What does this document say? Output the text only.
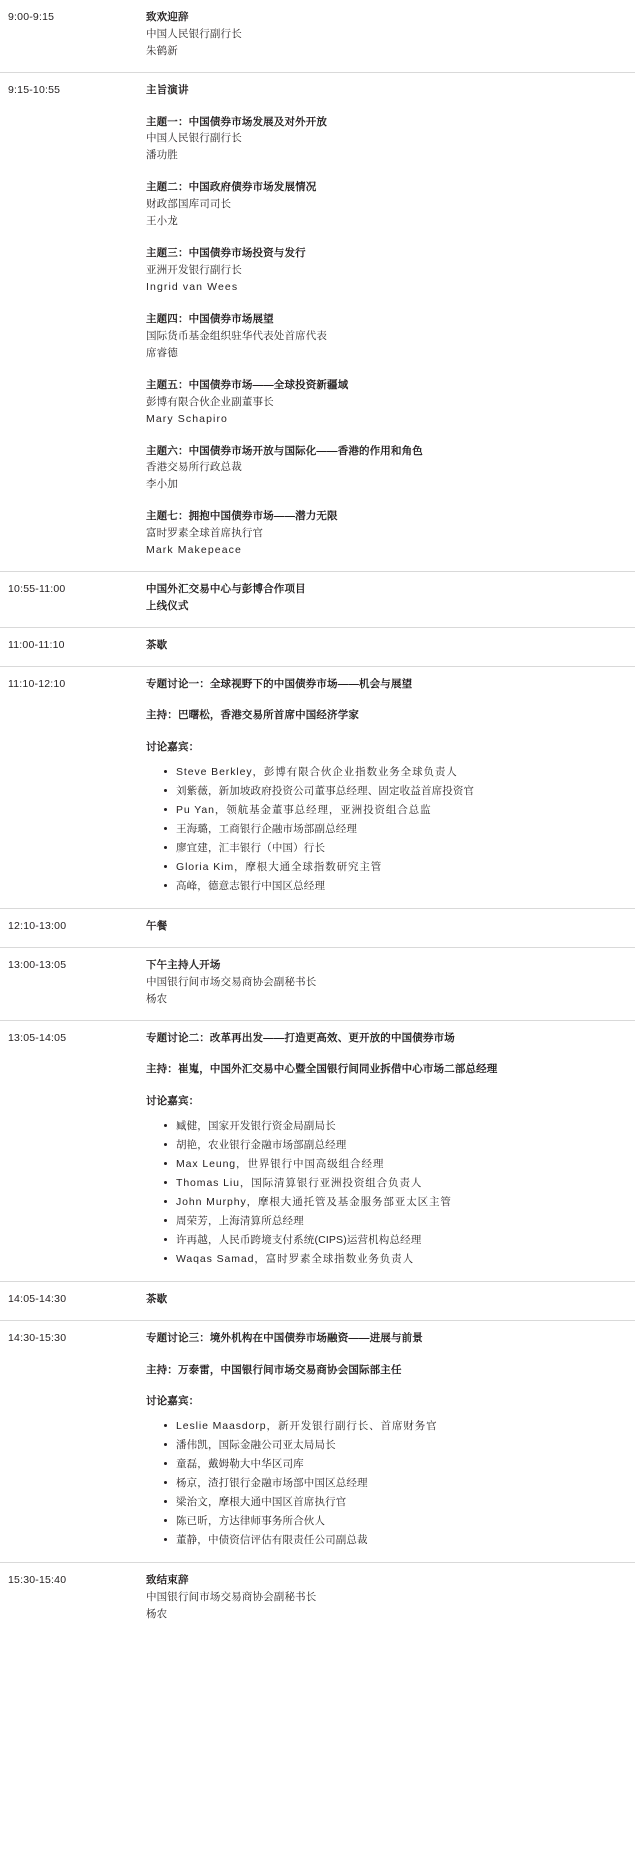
9:00-9:15	致欢迎辞
中国人民银行副行长
朱鹤新
9:15-10:55	主旨演讲
主题一：中国债券市场发展及对外开放
中国人民银行副行长
潘功胜
主题二：中国政府债券市场发展情况
财政部国库司司长
王小龙
主题三：中国债券市场投资与发行
亚洲开发银行副行长
Ingrid van Wees
主题四：中国债券市场展望
国际货币基金组织驻华代表处首席代表
席睿德
主题五：中国债券市场——全球投资新疆域
彭博有限合伙企业副董事长
Mary Schapiro
主题六：中国债券市场开放与国际化——香港的作用和角色
香港交易所行政总裁
李小加
主题七：拥抱中国债券市场——潜力无限
富时罗素全球首席执行官
Mark Makepeace
10:55-11:00	中国外汇交易中心与彭博合作项目
上线仪式
11:00-11:10	茶歇
11:10-12:10	专题讨论一：全球视野下的中国债券市场——机会与展望
主持：巴曙松，香港交易所首席中国经济学家
讨论嘉宾：
Steve Berkley，彭博有限合伙企业指数业务全球负责人
刘紫薇，新加坡政府投资公司董事总经理、固定收益首席投资官
Pu Yan，领航基金董事总经理，亚洲投资组合总监
王海璐，工商银行企融市场部副总经理
廖宜建，汇丰银行（中国）行长
Gloria Kim，摩根大通全球指数研究主管
高峰，德意志银行中国区总经理
12:10-13:00	午餐
13:00-13:05	下午主持人开场
中国银行间市场交易商协会副秘书长
杨农
13:05-14:05	专题讨论二：改革再出发——打造更高效、更开放的中国债券市场
主持：崔嵬，中国外汇交易中心暨全国银行间同业拆借中心市场二部总经理
讨论嘉宾：
臧健，国家开发银行资金局副局长
胡艳，农业银行金融市场部副总经理
Max Leung，世界银行中国高级组合经理
Thomas Liu，国际清算银行亚洲投资组合负责人
John Murphy，摩根大通托管及基金服务部亚太区主管
周荣芳，上海清算所总经理
许再越，人民币跨境支付系统(CIPS)运营机构总经理
Waqas Samad，富时罗素全球指数业务负责人
14:05-14:30	茶歇
14:30-15:30	专题讨论三：境外机构在中国债券市场融资——进展与前景
主持：万泰雷，中国银行间市场交易商协会国际部主任
讨论嘉宾：
Leslie Maasdorp，新开发银行副行长、首席财务官
潘伟凯，国际金融公司亚太局局长
童磊，戴姆勒大中华区司库
杨京，渣打银行金融市场部中国区总经理
梁治文，摩根大通中国区首席执行官
陈已昕，方达律师事务所合伙人
董静，中债资信评估有限责任公司副总裁
15:30-15:40	致结束辞
中国银行间市场交易商协会副秘书长
杨农
